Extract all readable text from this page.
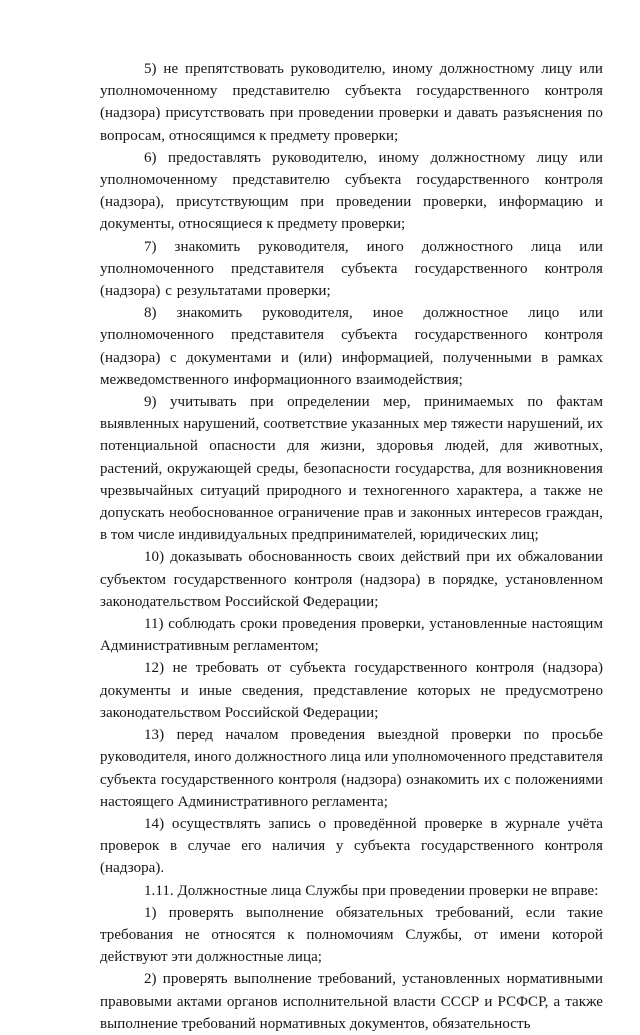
5) не препятствовать руководителю, иному должностному лицу или уполномоченному представителю субъекта государственного контроля (надзора) присутствовать при проведении проверки и давать разъяснения по вопросам, относящимся к предмету проверки;

6) предоставлять руководителю, иному должностному лицу или уполномоченному представителю субъекта государственного контроля (надзора), присутствующим при проведении проверки, информацию и документы, относящиеся к предмету проверки;

7) знакомить руководителя, иного должностного лица или уполномоченного представителя субъекта государственного контроля (надзора) с результатами проверки;

8) знакомить руководителя, иное должностное лицо или уполномоченного представителя субъекта государственного контроля (надзора) с документами и (или) информацией, полученными в рамках межведомственного информационного взаимодействия;

9) учитывать при определении мер, принимаемых по фактам выявленных нарушений, соответствие указанных мер тяжести нарушений, их потенциальной опасности для жизни, здоровья людей, для животных, растений, окружающей среды, безопасности государства, для возникновения чрезвычайных ситуаций природного и техногенного характера, а также не допускать необоснованное ограничение прав и законных интересов граждан, в том числе индивидуальных предпринимателей, юридических лиц;

10) доказывать обоснованность своих действий при их обжаловании субъектом государственного контроля (надзора) в порядке, установленном законодательством Российской Федерации;

11) соблюдать сроки проведения проверки, установленные настоящим Административным регламентом;

12) не требовать от субъекта государственного контроля (надзора) документы и иные сведения, представление которых не предусмотрено законодательством Российской Федерации;

13) перед началом проведения выездной проверки по просьбе руководителя, иного должностного лица или уполномоченного представителя субъекта государственного контроля (надзора) ознакомить их с положениями настоящего Административного регламента;

14) осуществлять запись о проведённой проверке в журнале учёта проверок в случае его наличия у субъекта государственного контроля (надзора).

1.11. Должностные лица Службы при проведении проверки не вправе:

1) проверять выполнение обязательных требований, если такие требования не относятся к полномочиям Службы, от имени которой действуют эти должностные лица;

2) проверять выполнение требований, установленных нормативными правовыми актами органов исполнительной власти СССР и РСФСР, а также выполнение требований нормативных документов, обязательность
